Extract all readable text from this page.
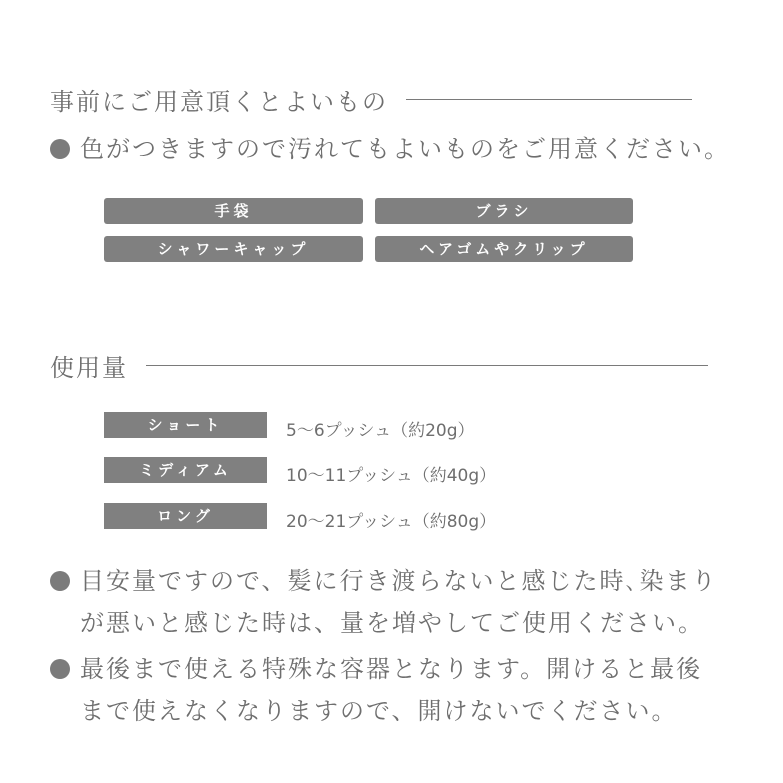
事前にご用意頂くとよいもの
色がつきますので汚れてもよいものをご用意ください。
手袋	ブラシ
シャワーキャップ	ヘアゴムやクリップ
使用量
ショート	5〜6プッシュ（約20g）
ミディアム	10〜11プッシュ（約40g）
ロング	20〜21プッシュ（約80g）
目安量ですので、髪に行き渡らないと感じた時､染まり
が悪いと感じた時は、量を増やしてご使用ください。
最後まで使える特殊な容器となります。開けると最後
まで使えなくなりますので、開けないでください。
